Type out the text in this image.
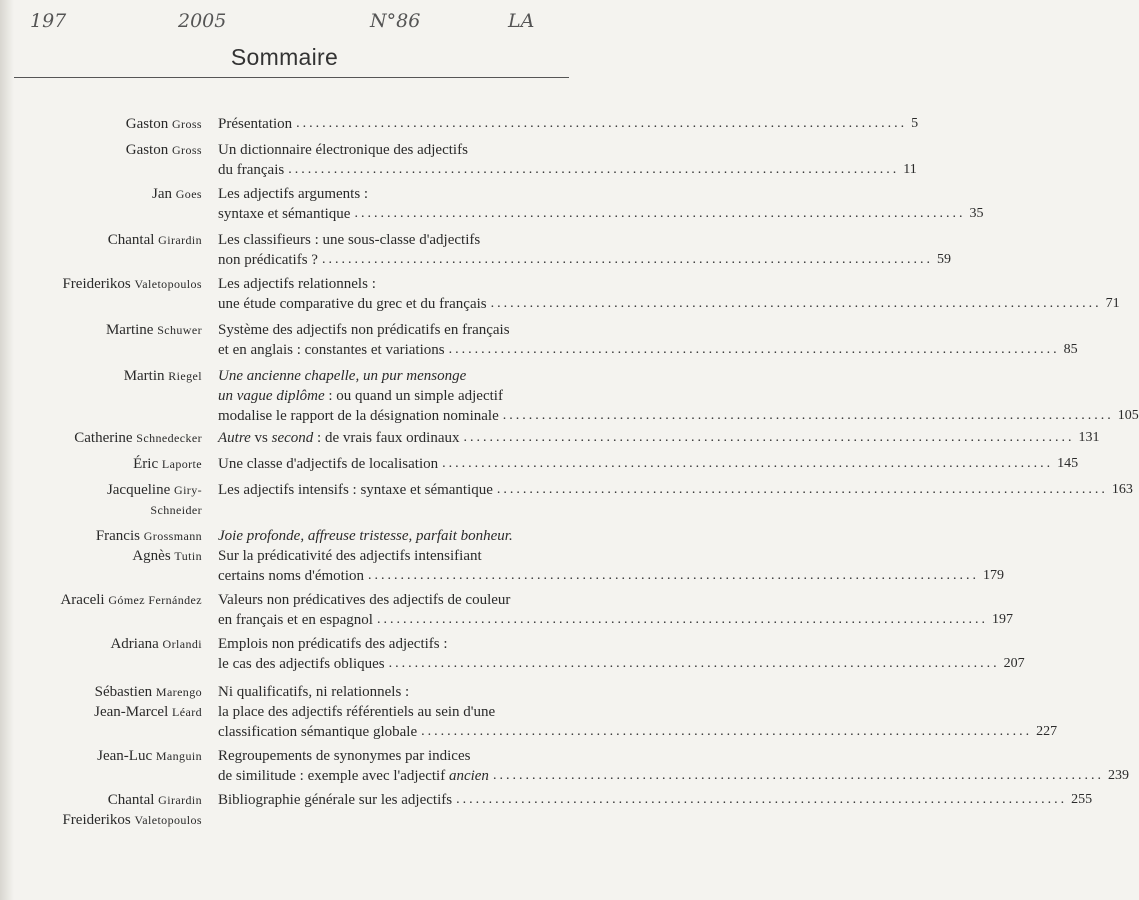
197	2005	N°86	LA
Sommaire
Gaston Gross Présentation .............................................................................................. 5
Gaston Gross Un dictionnaire électronique des adjectifs
du français .............................................................................................. 11
Jan Goes Les adjectifs arguments :
syntaxe et sémantique .............................................................................................. 35
Chantal Girardin Les classifieurs : une sous-classe d'adjectifs
non prédicatifs ? .............................................................................................. 59
Freiderikos Valetopoulos Les adjectifs relationnels :
une étude comparative du grec et du français .............................................................................................. 71
Martine Schuwer Système des adjectifs non prédicatifs en français
et en anglais : constantes et variations .............................................................................................. 85
Martin Riegel Une ancienne chapelle, un pur mensonge
un vague diplôme : ou quand un simple adjectif
modalise le rapport de la désignation nominale .............................................................................................. 105
Catherine Schnedecker Autre vs second : de vrais faux ordinaux .............................................................................................. 131
Éric Laporte Une classe d'adjectifs de localisation .............................................................................................. 145
Jacqueline Giry-
Schneider
Les adjectifs intensifs : syntaxe et sémantique .............................................................................................. 163
Francis Grossmann
Agnès Tutin
Joie profonde, affreuse tristesse, parfait bonheur.
Sur la prédicativité des adjectifs intensifiant
certains noms d'émotion .............................................................................................. 179
Araceli Gómez Fernández Valeurs non prédicatives des adjectifs de couleur
en français et en espagnol .............................................................................................. 197
Adriana Orlandi Emplois non prédicatifs des adjectifs :
le cas des adjectifs obliques .............................................................................................. 207
Sébastien Marengo
Jean-Marcel Léard
Ni qualificatifs, ni relationnels :
la place des adjectifs référentiels au sein d'une
classification sémantique globale .............................................................................................. 227
Jean-Luc Manguin Regroupements de synonymes par indices
de similitude : exemple avec l'adjectif ancien .............................................................................................. 239
Chantal Girardin
Freiderikos Valetopoulos
Bibliographie générale sur les adjectifs .............................................................................................. 255
